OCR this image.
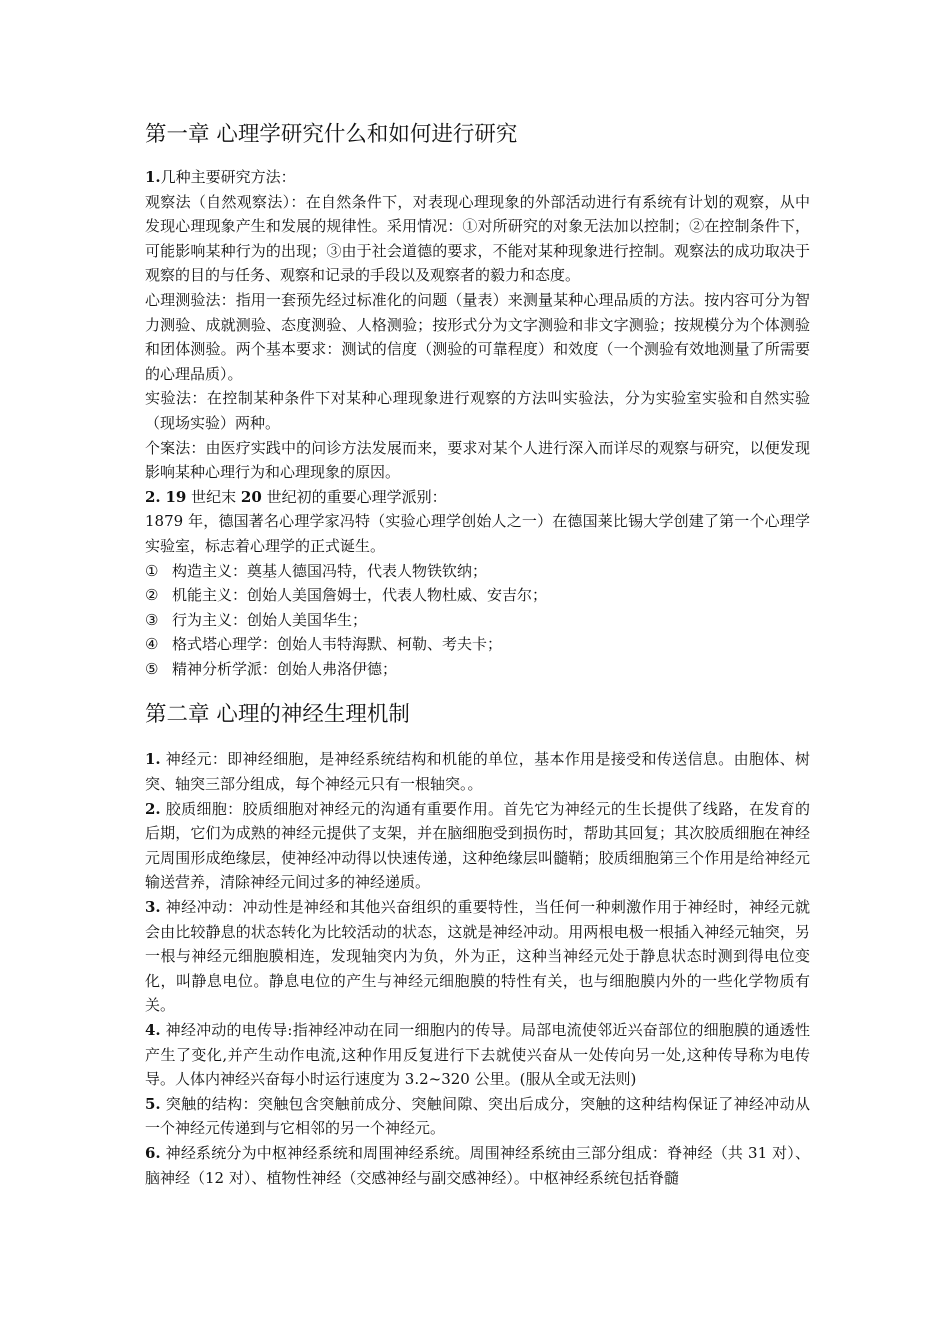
第一章 心理学研究什么和如何进行研究

1.几种主要研究方法：

观察法（自然观察法）：在自然条件下，对表现心理现象的外部活动进行有系统有计划的观察，从中发现心理现象产生和发展的规律性。采用情况：①对所研究的对象无法加以控制；②在控制条件下，可能影响某种行为的出现；③由于社会道德的要求，不能对某种现象进行控制。观察法的成功取决于观察的目的与任务、观察和记录的手段以及观察者的毅力和态度。

心理测验法：指用一套预先经过标准化的问题（量表）来测量某种心理品质的方法。按内容可分为智力测验、成就测验、态度测验、人格测验；按形式分为文字测验和非文字测验；按规模分为个体测验和团体测验。两个基本要求：测试的信度（测验的可靠程度）和效度（一个测验有效地测量了所需要的心理品质）。

实验法：在控制某种条件下对某种心理现象进行观察的方法叫实验法，分为实验室实验和自然实验（现场实验）两种。

个案法：由医疗实践中的问诊方法发展而来，要求对某个人进行深入而详尽的观察与研究，以便发现影响某种心理行为和心理现象的原因。

2. 19 世纪末 20 世纪初的重要心理学派别：

1879 年，德国著名心理学家冯特（实验心理学创始人之一）在德国莱比锡大学创建了第一个心理学实验室，标志着心理学的正式诞生。

① 构造主义：奠基人德国冯特，代表人物铁钦纳；

② 机能主义：创始人美国詹姆士，代表人物杜威、安吉尔；

③ 行为主义：创始人美国华生；

④ 格式塔心理学：创始人韦特海默、柯勒、考夫卡；

⑤ 精神分析学派：创始人弗洛伊德；

第二章 心理的神经生理机制

1. 神经元：即神经细胞，是神经系统结构和机能的单位，基本作用是接受和传送信息。由胞体、树突、轴突三部分组成，每个神经元只有一根轴突。。

2. 胶质细胞：胶质细胞对神经元的沟通有重要作用。首先它为神经元的生长提供了线路，在发育的后期，它们为成熟的神经元提供了支架，并在脑细胞受到损伤时，帮助其回复；其次胶质细胞在神经元周围形成绝缘层，使神经冲动得以快速传递，这种绝缘层叫髓鞘；胶质细胞第三个作用是给神经元输送营养，清除神经元间过多的神经递质。

3. 神经冲动：冲动性是神经和其他兴奋组织的重要特性，当任何一种刺激作用于神经时，神经元就会由比较静息的状态转化为比较活动的状态，这就是神经冲动。用两根电极一根插入神经元轴突，另一根与神经元细胞膜相连，发现轴突内为负，外为正，这种当神经元处于静息状态时测到得电位变化，叫静息电位。静息电位的产生与神经元细胞膜的特性有关，也与细胞膜内外的一些化学物质有关。

4. 神经冲动的电传导:指神经冲动在同一细胞内的传导。局部电流使邻近兴奋部位的细胞膜的通透性产生了变化,并产生动作电流,这种作用反复进行下去就使兴奋从一处传向另一处,这种传导称为电传导。人体内神经兴奋每小时运行速度为 3.2~320 公里。(服从全或无法则)

5. 突触的结构：突触包含突触前成分、突触间隙、突出后成分，突触的这种结构保证了神经冲动从一个神经元传递到与它相邻的另一个神经元。

6. 神经系统分为中枢神经系统和周围神经系统。周围神经系统由三部分组成：脊神经（共 31 对）、脑神经（12 对）、植物性神经（交感神经与副交感神经）。中枢神经系统包括脊髓
